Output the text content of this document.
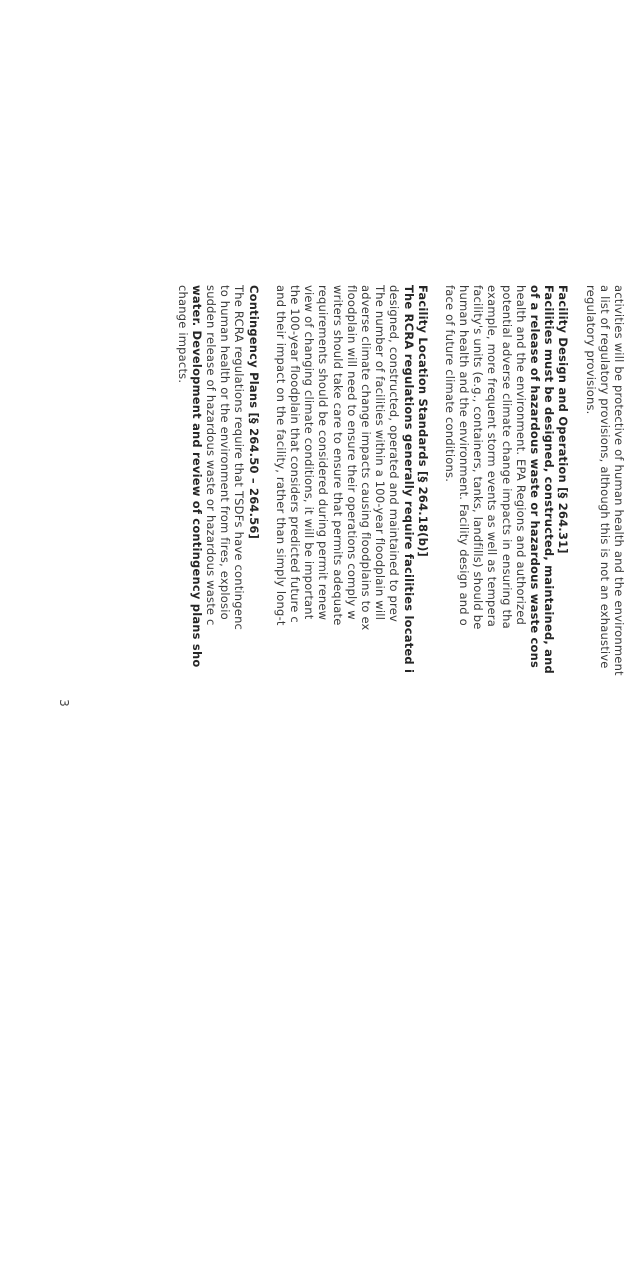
activities will be protective of human health and the environment
a list of regulatory provisions, although this is not an exhaustive
regulatory provisions.
Facility Design and Operation [§ 264.31]
Facilities must be designed, constructed, maintained, and
of a release of hazardous waste or hazardous waste cons
health and the environment. EPA Regions and authorized
potential adverse climate change impacts in ensuring tha
example, more frequent storm events as well as tempera
facility's units (e.g., containers, tanks, landfills) should be
human health and the environment. Facility design and o
face of future climate conditions.
Facility Location Standards [§ 264.18(b)]
The RCRA regulations generally require facilities located i
designed, constructed, operated and maintained to prev
The number of facilities within a 100-year floodplain will
adverse climate change impacts causing floodplains to ex
floodplain will need to ensure their operations comply w
writers should take care to ensure that permits adequate
requirements should be considered during permit renew
view of changing climate conditions, it will be important
the 100-year floodplain that considers predicted future c
and their impact on the facility, rather than simply long-t
Contingency Plans [§ 264.50 – 264.56]
The RCRA regulations require that TSDFs have contingenc
to human health or the environment from fires, explosio
sudden release of hazardous waste or hazardous waste c
water. Development and review of contingency plans sho
change impacts.
3
